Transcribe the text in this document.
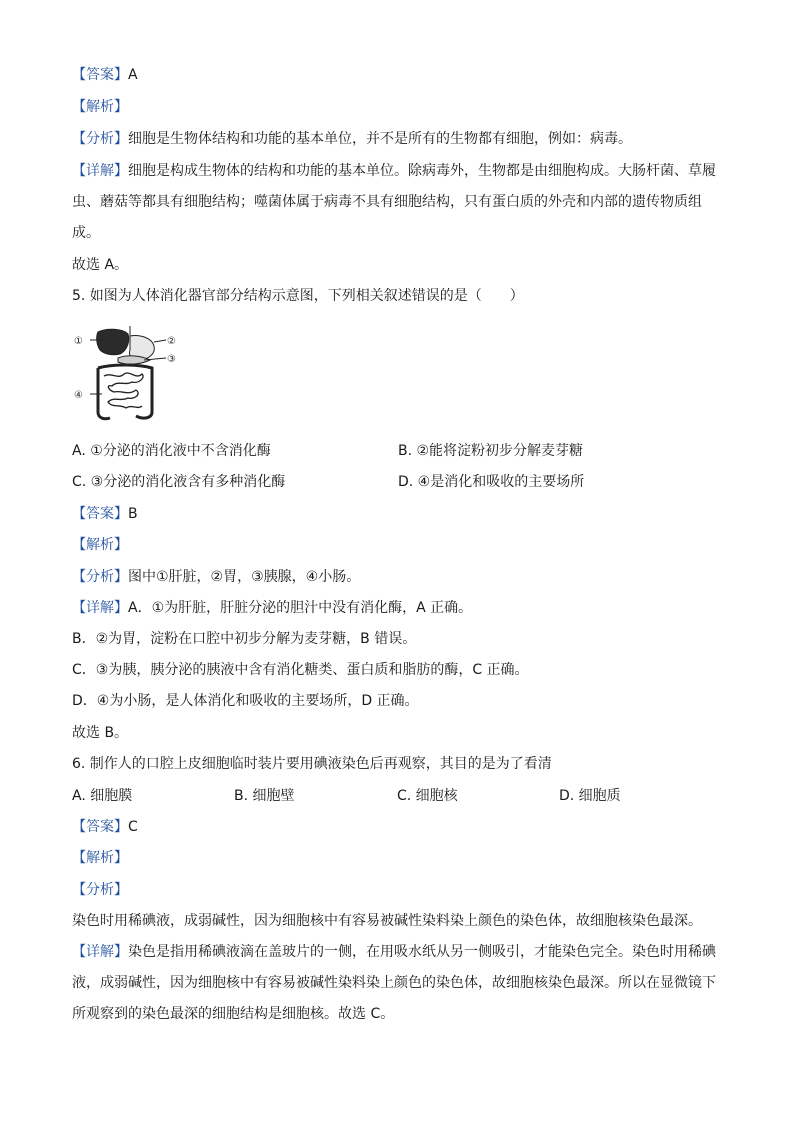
【答案】A
【解析】
【分析】细胞是生物体结构和功能的基本单位，并不是所有的生物都有细胞，例如：病毒。
【详解】细胞是构成生物体的结构和功能的基本单位。除病毒外，生物都是由细胞构成。大肠杆菌、草履
虫、蘑菇等都具有细胞结构；噬菌体属于病毒不具有细胞结构，只有蛋白质的外壳和内部的遗传物质组
成。
故选 A。
5. 如图为人体消化器官部分结构示意图，下列相关叙述错误的是（　　）
①	②
③
④
A. ①分泌的消化液中不含消化酶	B. ②能将淀粉初步分解麦芽糖
C. ③分泌的消化液含有多种消化酶	D. ④是消化和吸收的主要场所
【答案】B
【解析】
【分析】图中①肝脏，②胃，③胰腺，④小肠。
【详解】A．①为肝脏，肝脏分泌的胆汁中没有消化酶，A 正确。
B．②为胃，淀粉在口腔中初步分解为麦芽糖，B 错误。
C．③为胰，胰分泌的胰液中含有消化糖类、蛋白质和脂肪的酶，C 正确。
D．④为小肠，是人体消化和吸收的主要场所，D 正确。
故选 B。
6. 制作人的口腔上皮细胞临时装片要用碘液染色后再观察，其目的是为了看清
A. 细胞膜	B. 细胞壁	C. 细胞核	D. 细胞质
【答案】C
【解析】
【分析】
染色时用稀碘液，成弱碱性，因为细胞核中有容易被碱性染料染上颜色的染色体，故细胞核染色最深。
【详解】染色是指用稀碘液滴在盖玻片的一侧，在用吸水纸从另一侧吸引，才能染色完全。染色时用稀碘
液，成弱碱性，因为细胞核中有容易被碱性染料染上颜色的染色体，故细胞核染色最深。所以在显微镜下
所观察到的染色最深的细胞结构是细胞核。故选 C。
